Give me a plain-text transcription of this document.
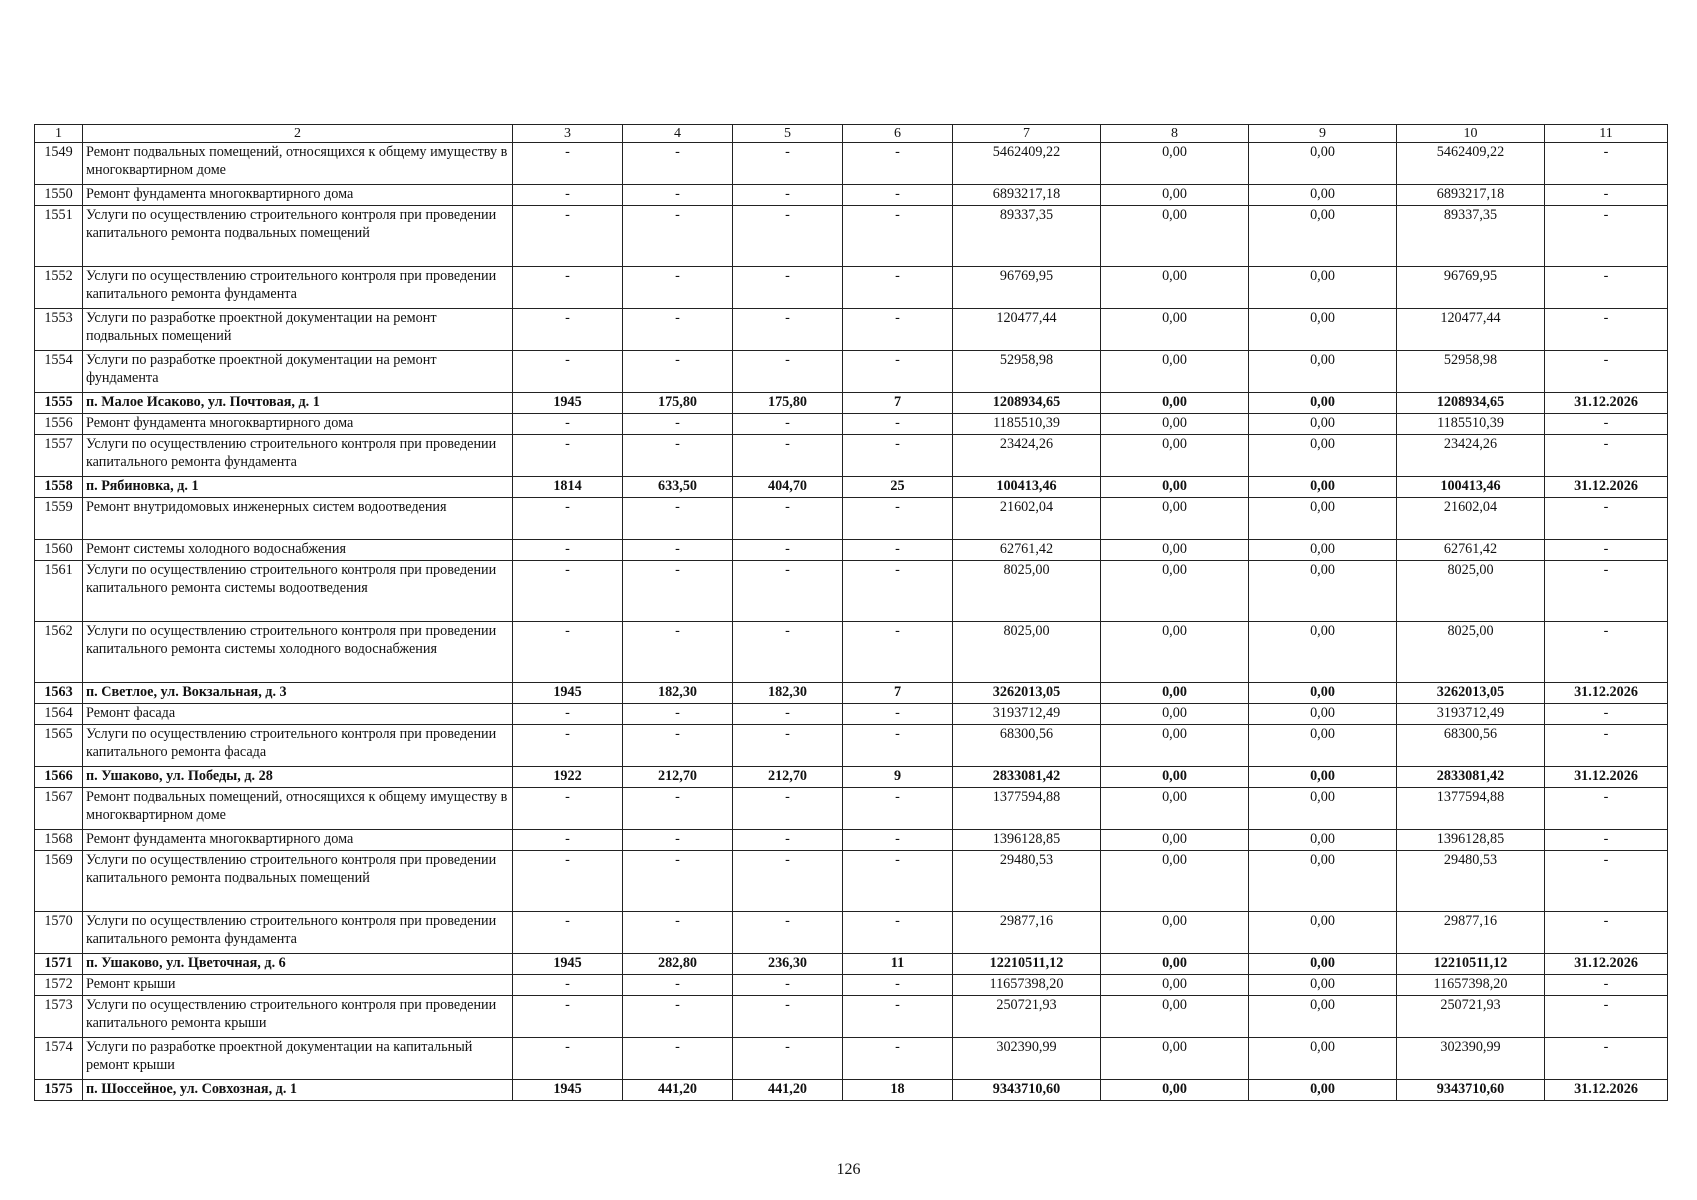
1	2	3	4	5	6	7	8	9	10	11
1549	Ремонт подвальных помещений, относящихся к общему имуществу в многоквартирном доме	-	-	-	-	5462409,22	0,00	0,00	5462409,22	-
1550	Ремонт фундамента многоквартирного дома	-	-	-	-	6893217,18	0,00	0,00	6893217,18	-
1551	Услуги по осуществлению строительного контроля при проведении капитального ремонта подвальных помещений	-	-	-	-	89337,35	0,00	0,00	89337,35	-
1552	Услуги по осуществлению строительного контроля при проведении капитального ремонта фундамента	-	-	-	-	96769,95	0,00	0,00	96769,95	-
1553	Услуги по разработке проектной документации на ремонт подвальных помещений	-	-	-	-	120477,44	0,00	0,00	120477,44	-
1554	Услуги по разработке проектной документации на ремонт фундамента	-	-	-	-	52958,98	0,00	0,00	52958,98	-
1555	п. Малое Исаково, ул. Почтовая, д. 1	1945	175,80	175,80	7	1208934,65	0,00	0,00	1208934,65	31.12.2026
1556	Ремонт фундамента многоквартирного дома	-	-	-	-	1185510,39	0,00	0,00	1185510,39	-
1557	Услуги по осуществлению строительного контроля при проведении капитального ремонта фундамента	-	-	-	-	23424,26	0,00	0,00	23424,26	-
1558	п. Рябиновка, д. 1	1814	633,50	404,70	25	100413,46	0,00	0,00	100413,46	31.12.2026
1559	Ремонт внутридомовых инженерных систем водоотведения	-	-	-	-	21602,04	0,00	0,00	21602,04	-
1560	Ремонт системы холодного водоснабжения	-	-	-	-	62761,42	0,00	0,00	62761,42	-
1561	Услуги по осуществлению строительного контроля при проведении капитального ремонта системы водоотведения	-	-	-	-	8025,00	0,00	0,00	8025,00	-
1562	Услуги по осуществлению строительного контроля при проведении капитального ремонта системы холодного водоснабжения	-	-	-	-	8025,00	0,00	0,00	8025,00	-
1563	п. Светлое, ул. Вокзальная, д. 3	1945	182,30	182,30	7	3262013,05	0,00	0,00	3262013,05	31.12.2026
1564	Ремонт фасада	-	-	-	-	3193712,49	0,00	0,00	3193712,49	-
1565	Услуги по осуществлению строительного контроля при проведении капитального ремонта фасада	-	-	-	-	68300,56	0,00	0,00	68300,56	-
1566	п. Ушаково, ул. Победы, д. 28	1922	212,70	212,70	9	2833081,42	0,00	0,00	2833081,42	31.12.2026
1567	Ремонт подвальных помещений, относящихся к общему имуществу в многоквартирном доме	-	-	-	-	1377594,88	0,00	0,00	1377594,88	-
1568	Ремонт фундамента многоквартирного дома	-	-	-	-	1396128,85	0,00	0,00	1396128,85	-
1569	Услуги по осуществлению строительного контроля при проведении капитального ремонта подвальных помещений	-	-	-	-	29480,53	0,00	0,00	29480,53	-
1570	Услуги по осуществлению строительного контроля при проведении капитального ремонта фундамента	-	-	-	-	29877,16	0,00	0,00	29877,16	-
1571	п. Ушаково, ул. Цветочная, д. 6	1945	282,80	236,30	11	12210511,12	0,00	0,00	12210511,12	31.12.2026
1572	Ремонт крыши	-	-	-	-	11657398,20	0,00	0,00	11657398,20	-
1573	Услуги по осуществлению строительного контроля при проведении капитального ремонта крыши	-	-	-	-	250721,93	0,00	0,00	250721,93	-
1574	Услуги по разработке проектной документации на капитальный ремонт крыши	-	-	-	-	302390,99	0,00	0,00	302390,99	-
1575	п. Шоссейное, ул. Совхозная, д. 1	1945	441,20	441,20	18	9343710,60	0,00	0,00	9343710,60	31.12.2026
126
